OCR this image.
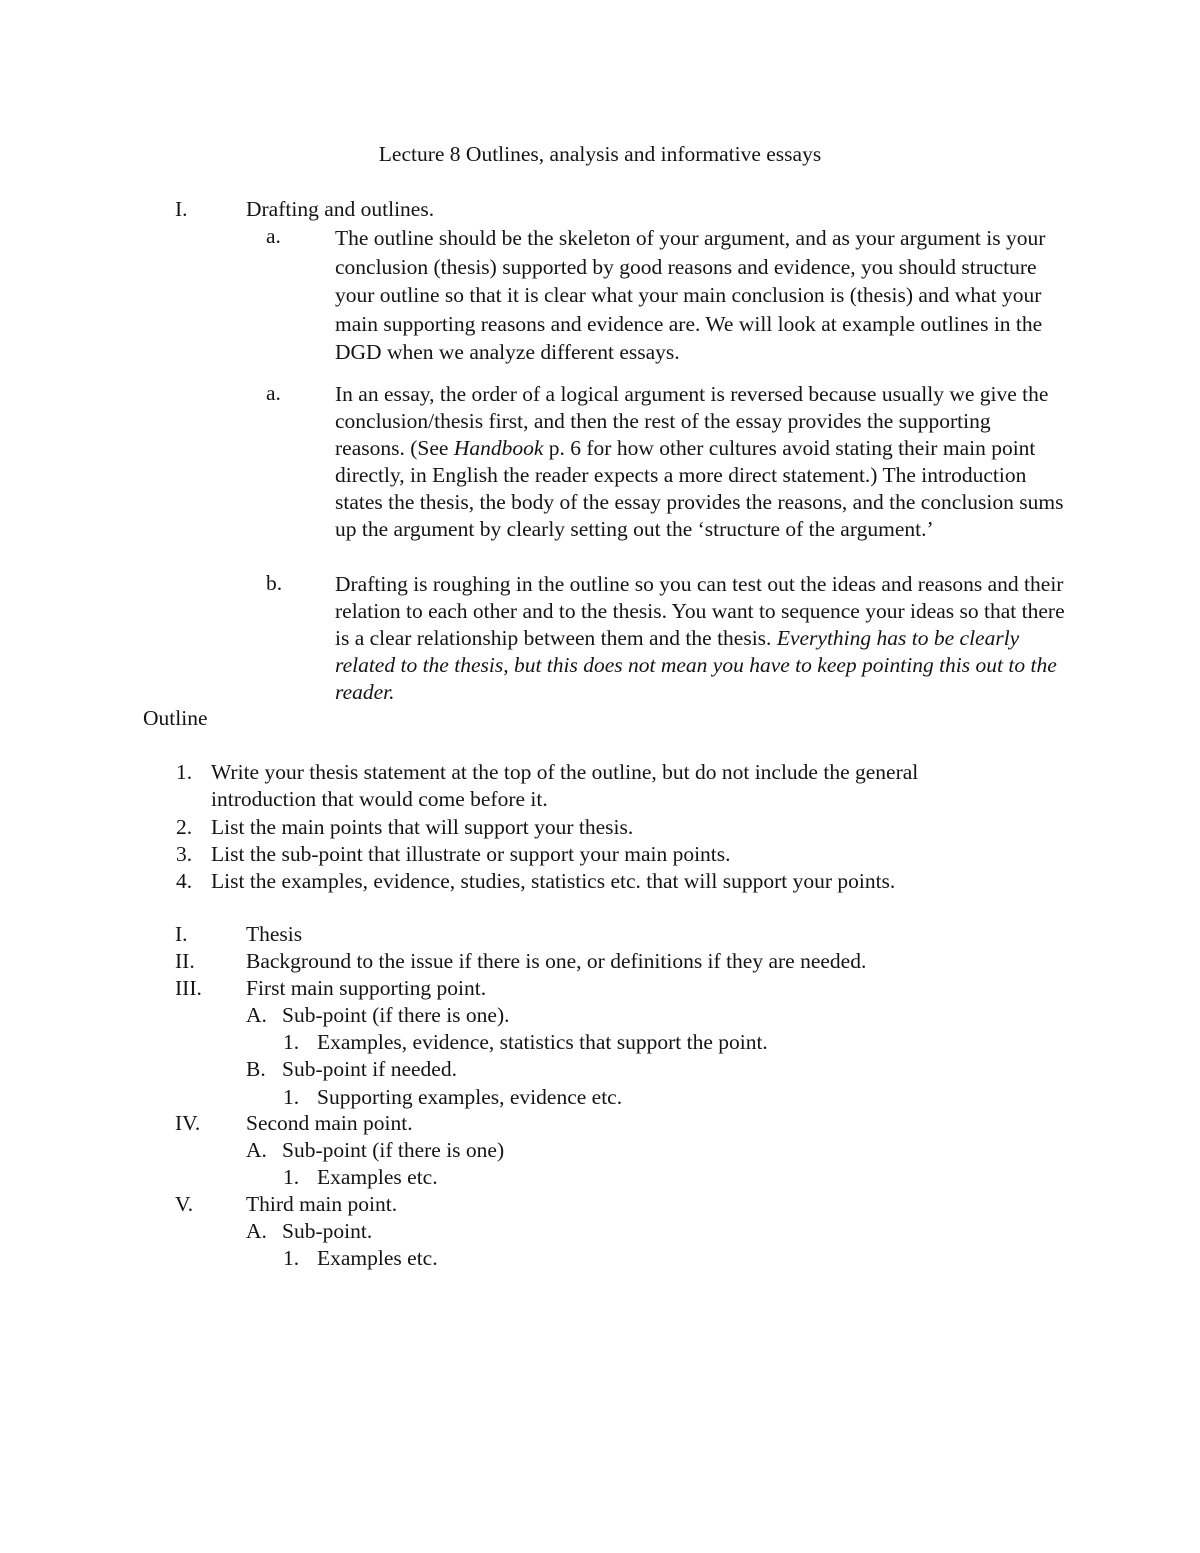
Lecture 8 Outlines, analysis and informative essays
I.	Drafting and outlines.
a.	The outline should be the skeleton of your argument, and as your argument is your conclusion (thesis) supported by good reasons and evidence, you should structure your outline so that it is clear what your main conclusion is (thesis) and what your main supporting reasons and evidence are. We will look at example outlines in the DGD when we analyze different essays.
a.	In an essay, the order of a logical argument is reversed because usually we give the conclusion/thesis first, and then the rest of the essay provides the supporting reasons. (See Handbook p. 6 for how other cultures avoid stating their main point directly, in English the reader expects a more direct statement.) The introduction states the thesis, the body of the essay provides the reasons, and the conclusion sums up the argument by clearly setting out the ‘structure of the argument.’
b. Drafting is roughing in the outline so you can test out the ideas and reasons and their relation to each other and to the thesis. You want to sequence your ideas so that there is a clear relationship between them and the thesis. Everything has to be clearly related to the thesis, but this does not mean you have to keep pointing this out to the reader.
Outline
1. Write your thesis statement at the top of the outline, but do not include the general
introduction that would come before it.
2. List the main points that will support your thesis.
3. List the sub-point that illustrate or support your main points.
4. List the examples, evidence, studies, statistics etc. that will support your points.
I.	Thesis
II. Background to the issue if there is one, or definitions if they are needed.
III. First main supporting point.
A. Sub-point (if there is one).
1. Examples, evidence, statistics that support the point.
B. Sub-point if needed.
1. Supporting examples, evidence etc.
IV. Second main point.
A. Sub-point (if there is one)
1. Examples etc.
V. Third main point.
A. Sub-point.
1. Examples etc.
